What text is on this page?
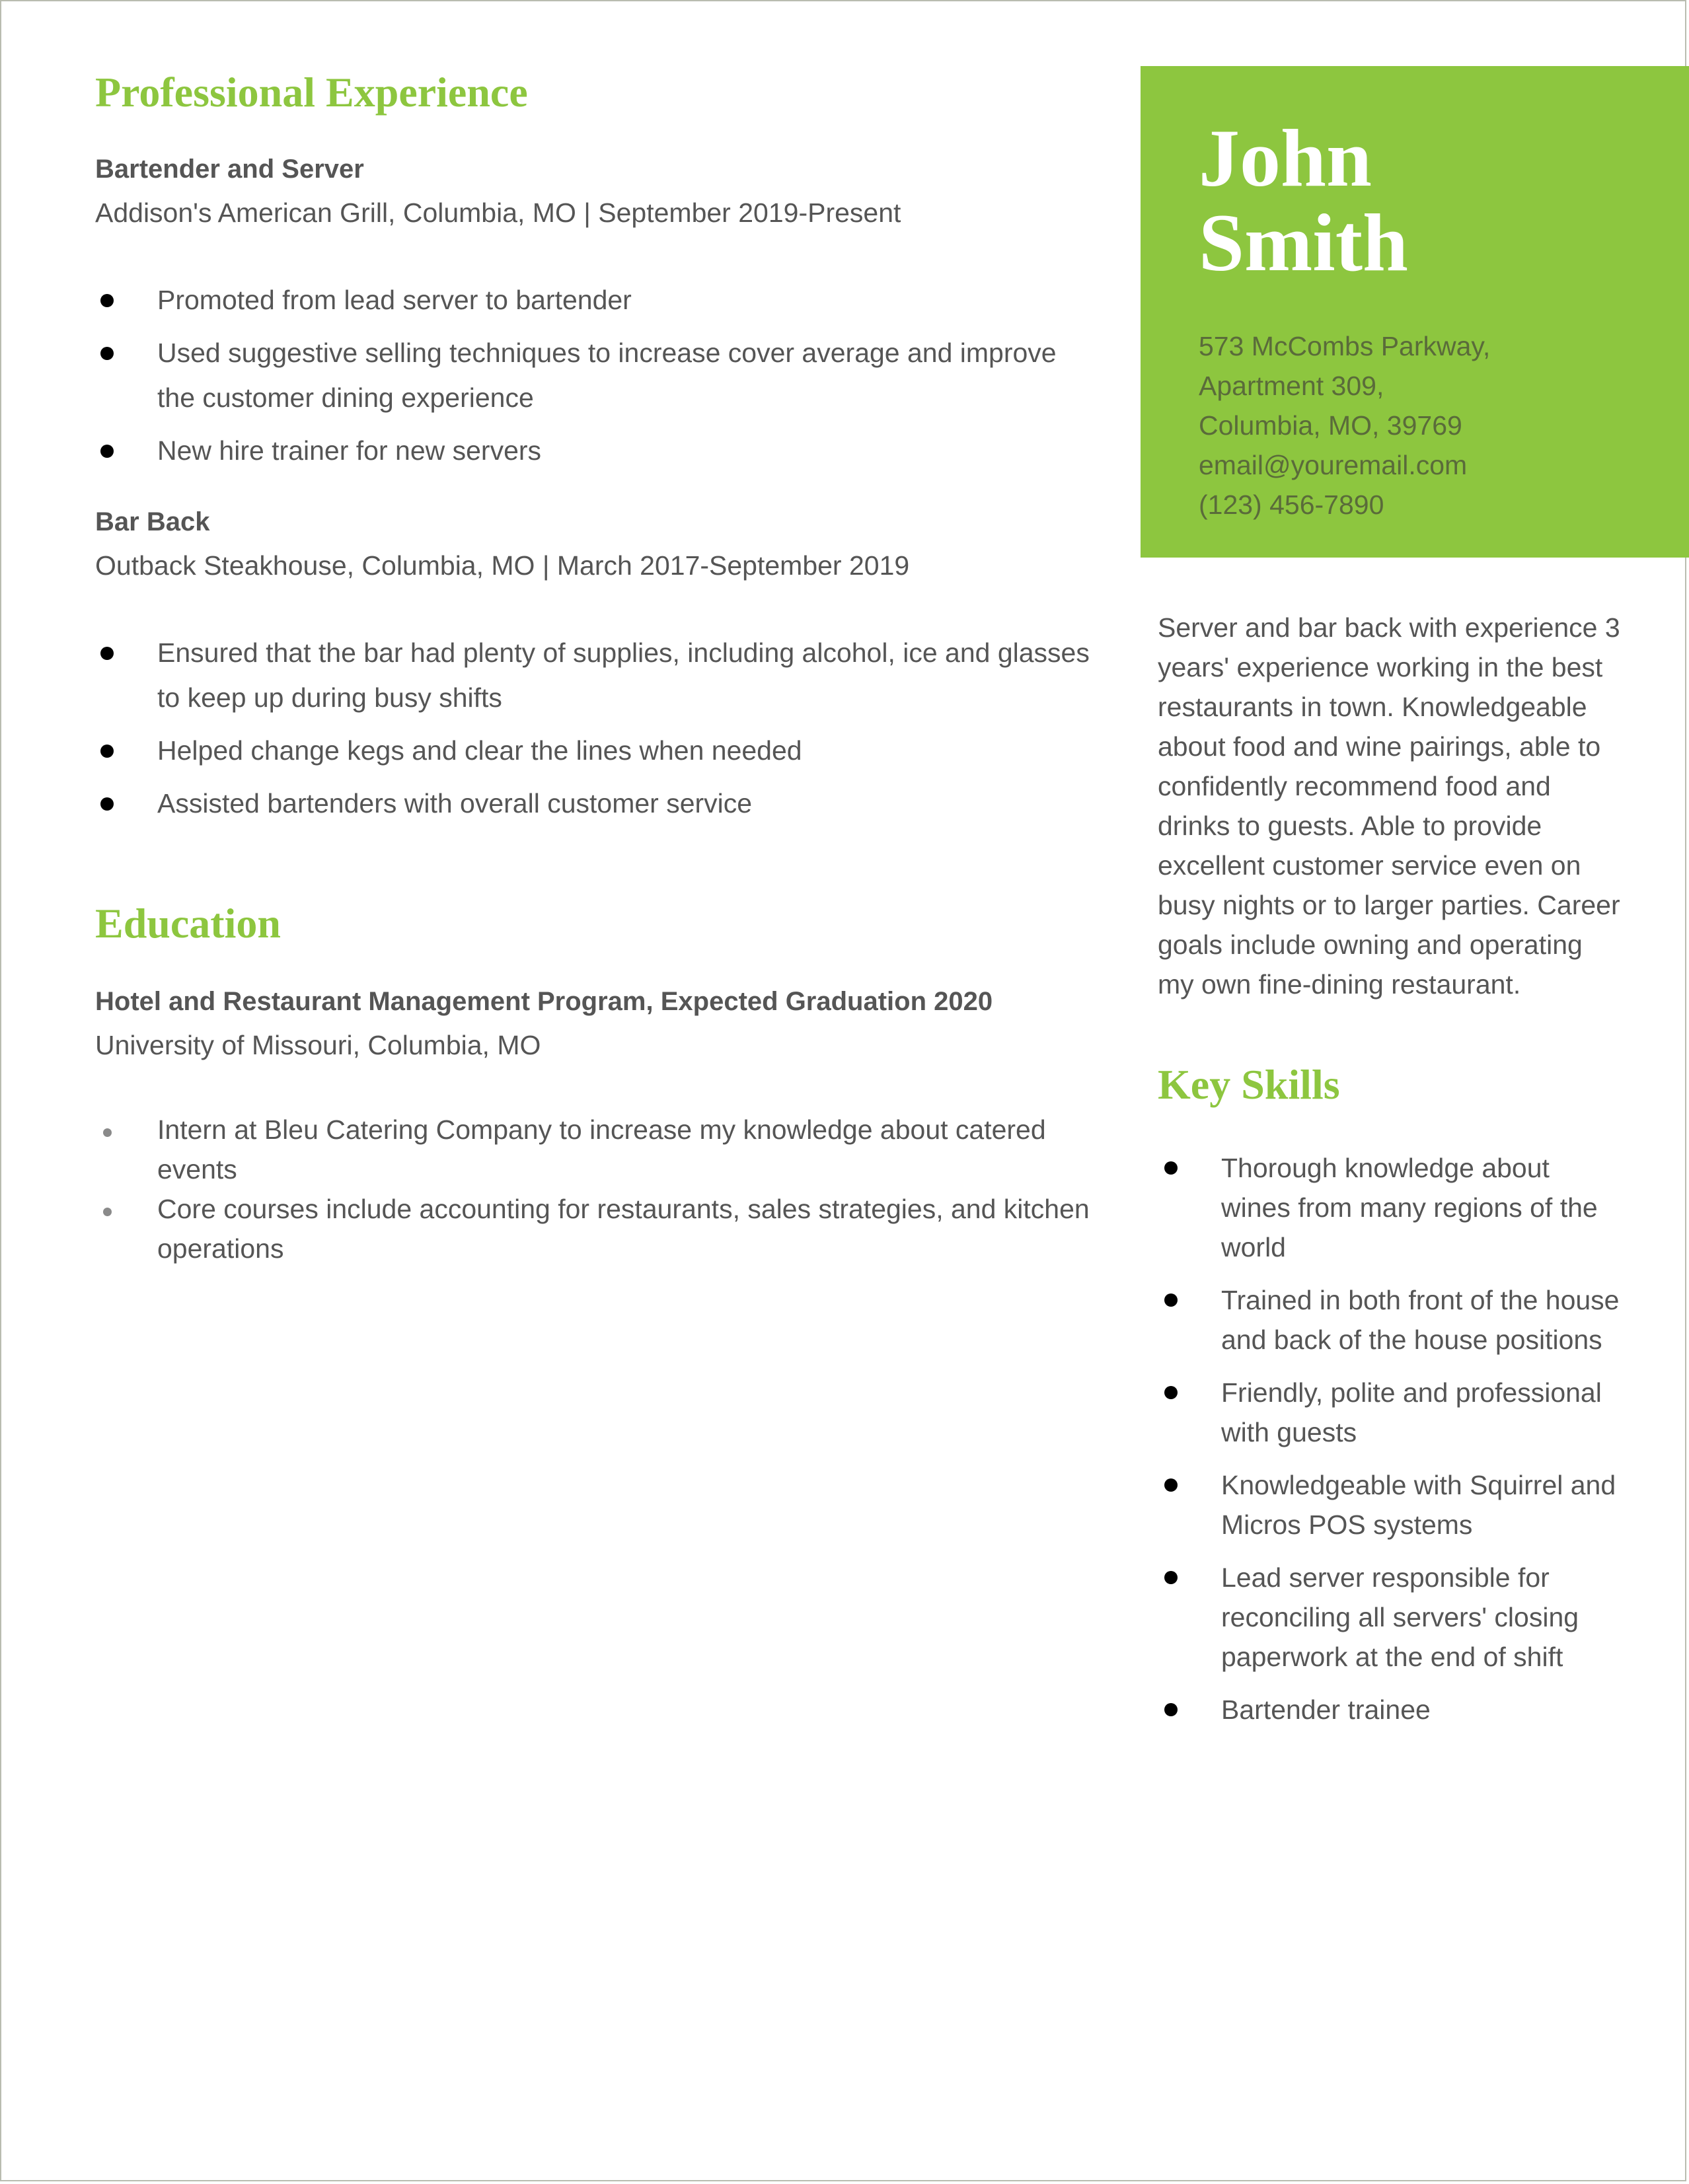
Professional Experience

Bartender and Server

Addison's American Grill, Columbia, MO | September 2019-Present

Promoted from lead server to bartender
Used suggestive selling techniques to increase cover average and improve the customer dining experience
New hire trainer for new servers

Bar Back

Outback Steakhouse, Columbia, MO | March 2017-September 2019

Ensured that the bar had plenty of supplies, including alcohol, ice and glasses to keep up during busy shifts
Helped change kegs and clear the lines when needed
Assisted bartenders with overall customer service
Education

Hotel and Restaurant Management Program, Expected Graduation 2020

University of Missouri, Columbia, MO

Intern at Bleu Catering Company to increase my knowledge about catered events
Core courses include accounting for restaurants, sales strategies, and kitchen operations

John

Smith

573 McCombs Parkway,
Apartment 309,
Columbia, MO, 39769
email@youremail.com
(123) 456-7890

Server and bar back with experience 3 years' experience working in the best restaurants in town. Knowledgeable about food and wine pairings, able to confidently recommend food and drinks to guests. Able to provide excellent customer service even on busy nights or to larger parties. Career goals include owning and operating my own fine-dining restaurant.

Key Skills
Thorough knowledge about wines from many regions of the world
Trained in both front of the house and back of the house positions
Friendly, polite and professional with guests
Knowledgeable with Squirrel and Micros POS systems
Lead server responsible for reconciling all servers' closing paperwork at the end of shift
Bartender trainee
